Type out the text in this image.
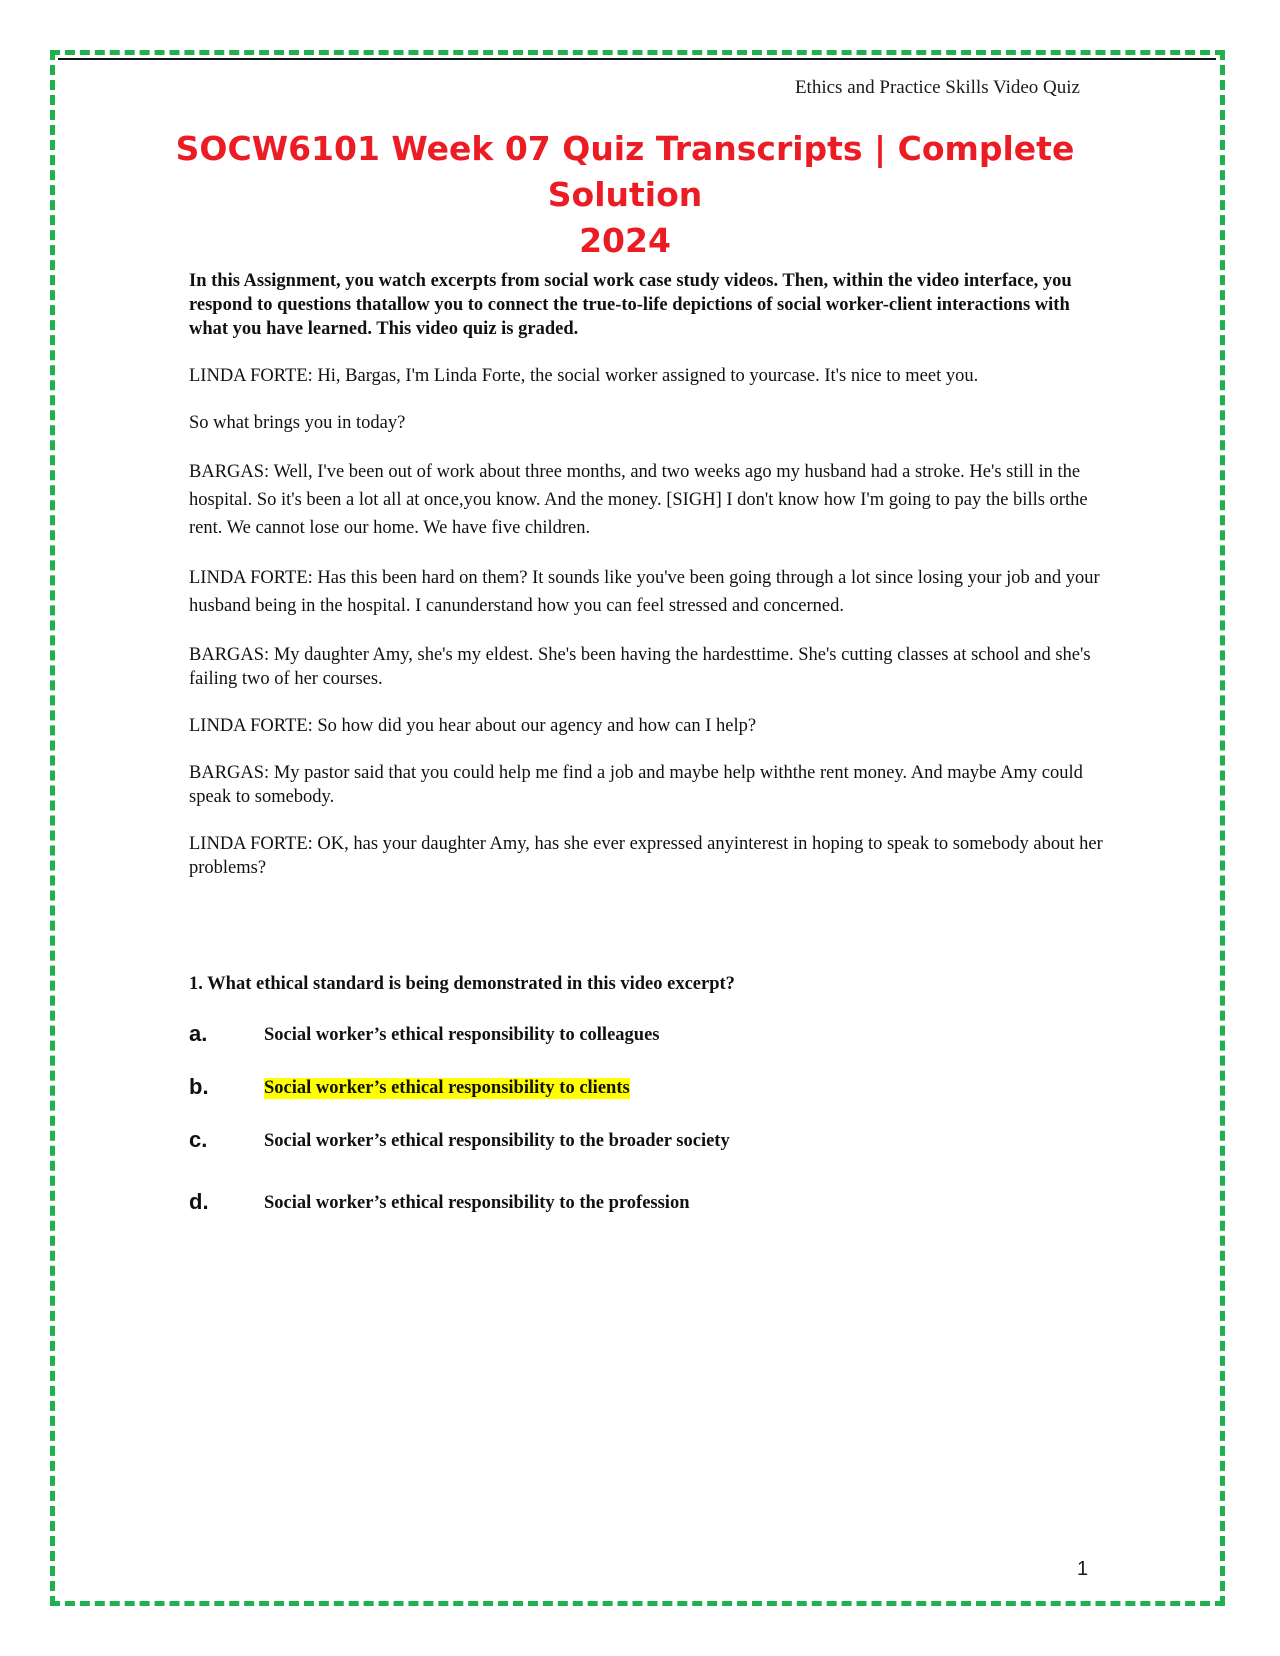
Ethics and Practice Skills Video Quiz
SOCW6101 Week 07 Quiz Transcripts | Complete Solution
2024

In this Assignment, you watch excerpts from social work case study videos. Then, within the video interface, you respond to questions thatallow you to connect the true-to-life depictions of social worker-client interactions with what you have learned. This video quiz is graded.

LINDA FORTE: Hi, Bargas, I'm Linda Forte, the social worker assigned to yourcase. It's nice to meet you.

So what brings you in today?

BARGAS: Well, I've been out of work about three months, and two weeks ago my husband had a stroke. He's still in the hospital. So it's been a lot all at once,you know. And the money. [SIGH] I don't know how I'm going to pay the bills orthe rent. We cannot lose our home. We have five children.

LINDA FORTE: Has this been hard on them? It sounds like you've been going through a lot since losing your job and your husband being in the hospital. I canunderstand how you can feel stressed and concerned.

BARGAS: My daughter Amy, she's my eldest. She's been having the hardesttime. She's cutting classes at school and she's failing two of her courses.

LINDA FORTE: So how did you hear about our agency and how can I help?

BARGAS: My pastor said that you could help me find a job and maybe help withthe rent money. And maybe Amy could speak to somebody.

LINDA FORTE: OK, has your daughter Amy, has she ever expressed anyinterest in hoping to speak to somebody about her problems?

1. What ethical standard is being demonstrated in this video excerpt?
a.	Social worker’s ethical responsibility to colleagues
b.	Social worker’s ethical responsibility to clients
c.	Social worker’s ethical responsibility to the broader society
d.	Social worker’s ethical responsibility to the profession
1
